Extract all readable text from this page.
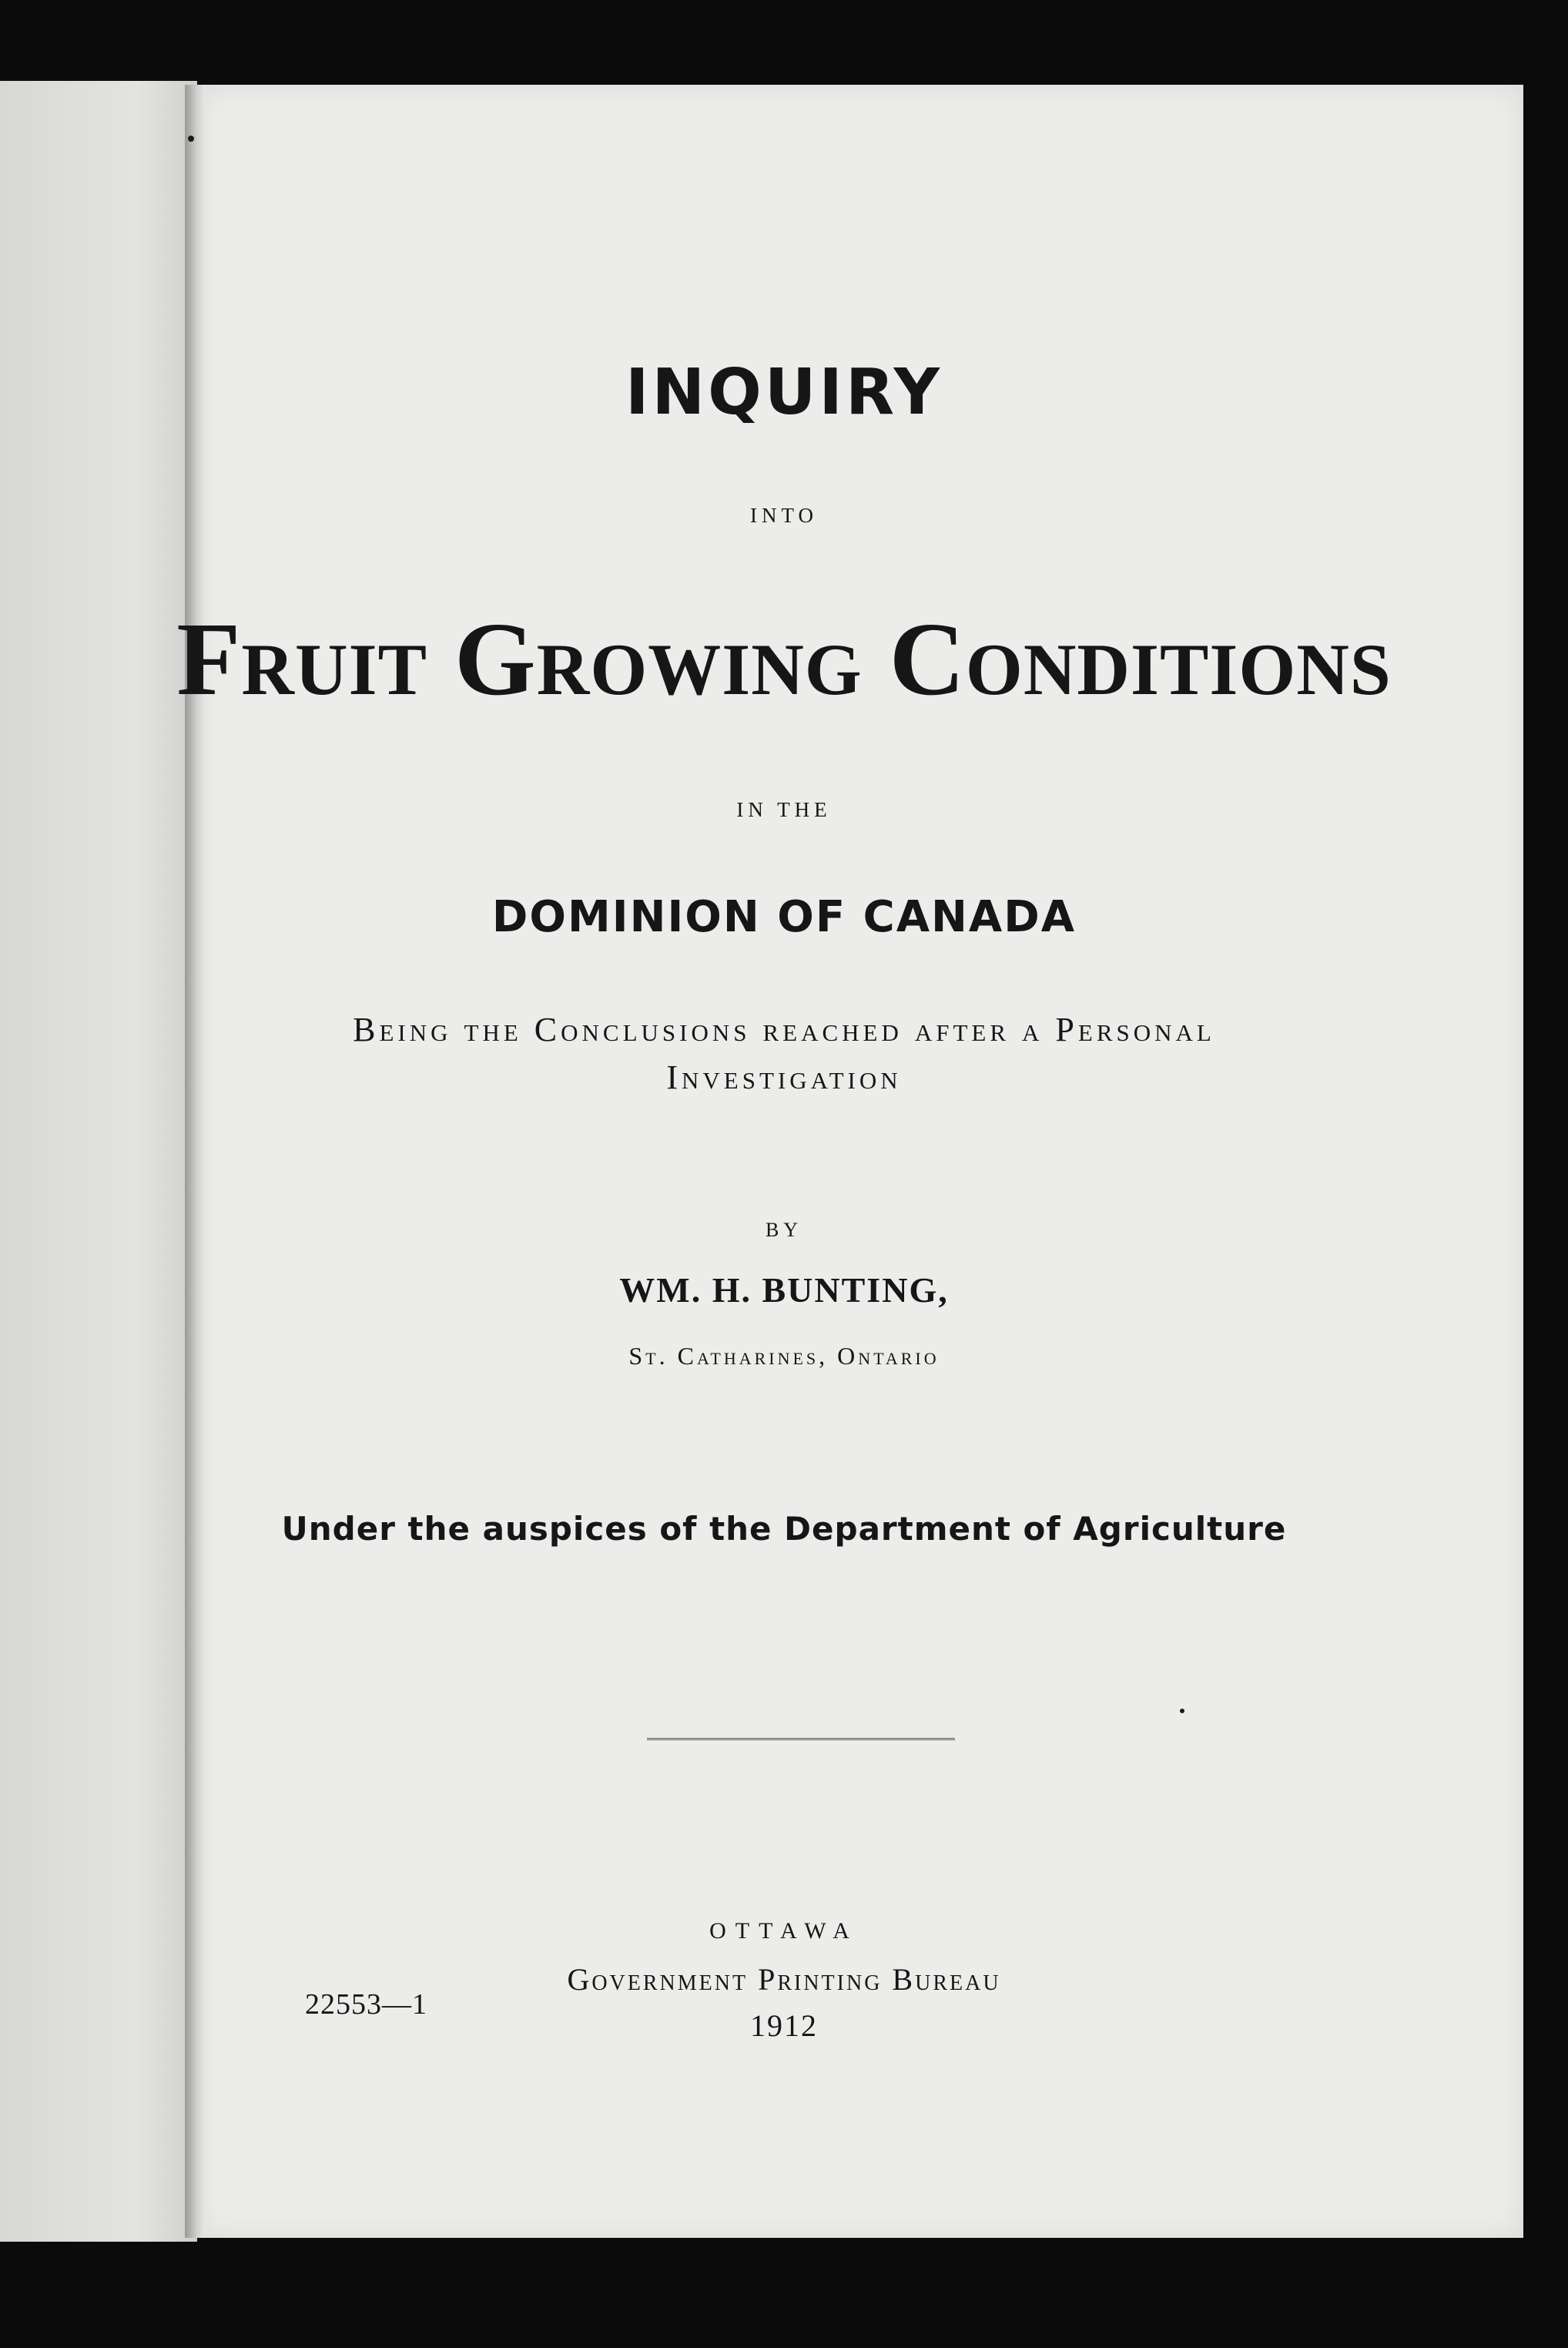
INQUIRY
INTO
Fruit Growing Conditions
IN THE
DOMINION OF CANADA
Being the Conclusions reached after a Personal
Investigation
BY
WM. H. BUNTING,
St. Catharines, Ontario
Under the auspices of the Department of Agriculture
OTTAWA
Government Printing Bureau
1912
22553—1
